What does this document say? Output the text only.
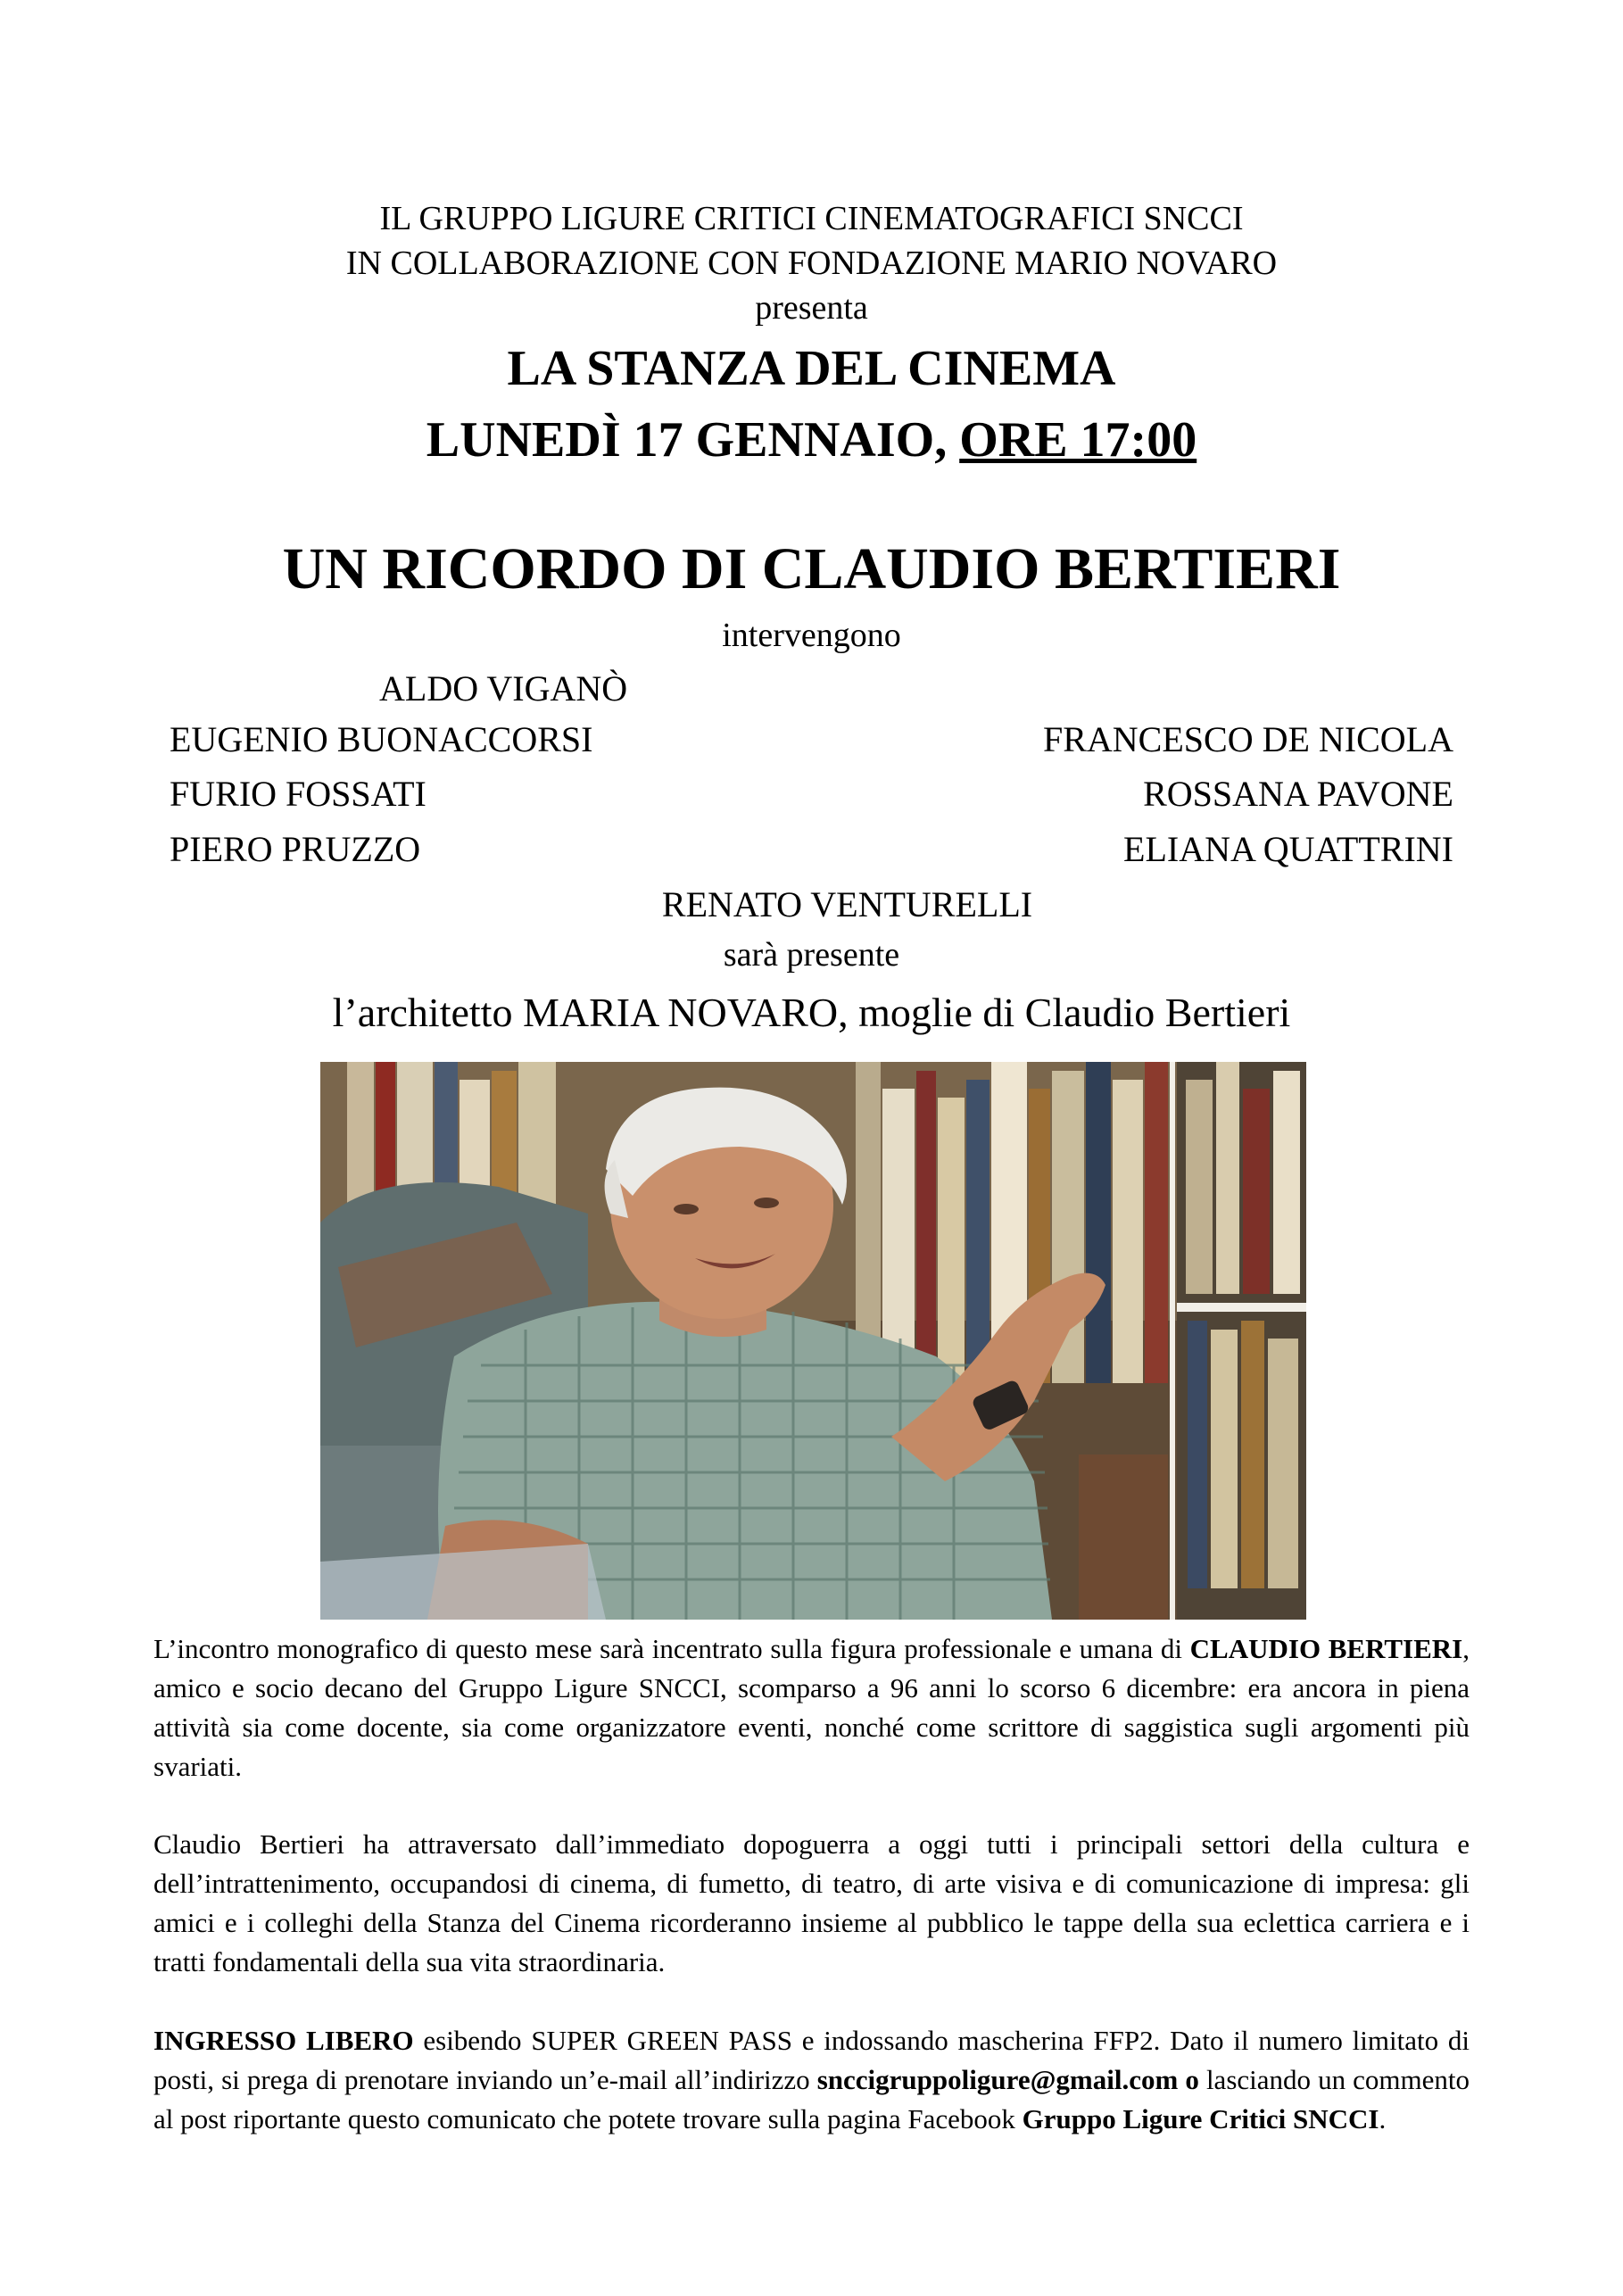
IL GRUPPO LIGURE CRITICI CINEMATOGRAFICI SNCCI
IN COLLABORAZIONE CON FONDAZIONE MARIO NOVARO
presenta
LA STANZA DEL CINEMA
LUNEDÌ 17 GENNAIO, ORE 17:00
UN RICORDO DI CLAUDIO BERTIERI
intervengono
ALDO VIGANÒ
EUGENIO BUONACCORSI
FURIO FOSSATI
PIERO PRUZZO
FRANCESCO DE NICOLA
ROSSANA PAVONE
ELIANA QUATTRINI
RENATO VENTURELLI
sarà presente
l’architetto MARIA NOVARO, moglie di Claudio Bertieri
L’incontro monografico di questo mese sarà incentrato sulla figura professionale e umana di CLAUDIO BERTIERI, amico e socio decano del Gruppo Ligure SNCCI, scomparso a 96 anni lo scorso 6 dicembre: era ancora in piena attività sia come docente, sia come organizzatore eventi, nonché come scrittore di saggistica sugli argomenti più svariati.
Claudio Bertieri ha attraversato dall’immediato dopoguerra a oggi tutti i principali settori della cultura e dell’intrattenimento, occupandosi di cinema, di fumetto, di teatro, di arte visiva e di comunicazione di impresa: gli amici e i colleghi della Stanza del Cinema ricorderanno insieme al pubblico le tappe della sua eclettica carriera e i tratti fondamentali della sua vita straordinaria.
INGRESSO LIBERO esibendo SUPER GREEN PASS e indossando mascherina FFP2. Dato il numero limitato di posti, si prega di prenotare inviando un’e-mail all’indirizzo snccigruppoligure@gmail.com o lasciando un commento al post riportante questo comunicato che potete trovare sulla pagina Facebook Gruppo Ligure Critici SNCCI.
